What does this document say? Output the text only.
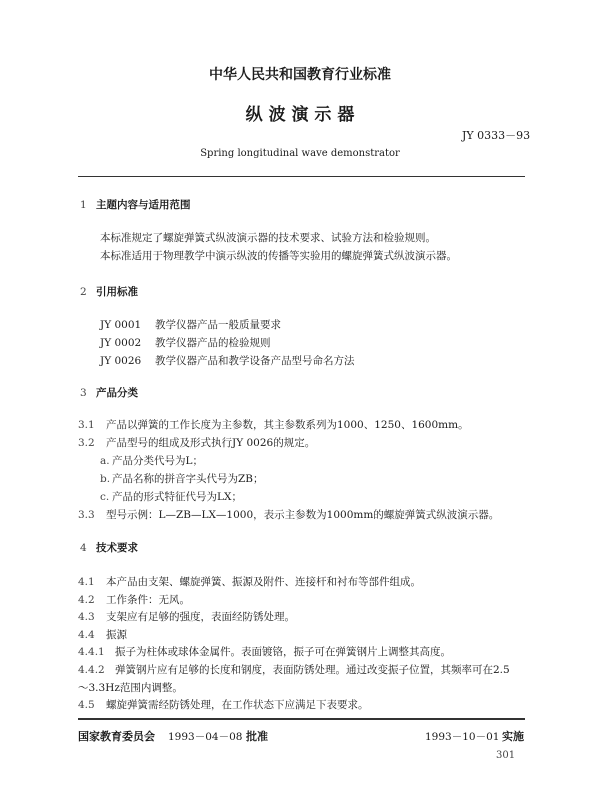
中华人民共和国教育行业标准
纵 波 演 示 器
JY 0333－93
Spring longitudinal wave demonstrator
1 主题内容与适用范围
本标准规定了螺旋弹簧式纵波演示器的技术要求、试验方法和检验规则。
本标准适用于物理教学中演示纵波的传播等实验用的螺旋弹簧式纵波演示器。
2 引用标准
JY 0001 教学仪器产品一般质量要求
JY 0002 教学仪器产品的检验规则
JY 0026 教学仪器产品和教学设备产品型号命名方法
3 产品分类
3.1 产品以弹簧的工作长度为主参数，其主参数系列为1000、1250、1600mm。
3.2 产品型号的组成及形式执行JY 0026的规定。
a. 产品分类代号为L；
b. 产品名称的拼音字头代号为ZB；
c. 产品的形式特征代号为LX；
3.3 型号示例：L—ZB—LX—1000，表示主参数为1000mm的螺旋弹簧式纵波演示器。
4 技术要求
4.1 本产品由支架、螺旋弹簧、振源及附件、连接杆和衬布等部件组成。
4.2 工作条件：无风。
4.3 支架应有足够的强度，表面经防锈处理。
4.4 振源
4.4.1 振子为柱体或球体金属件。表面镀铬，振子可在弹簧钢片上调整其高度。
4.4.2 弹簧钢片应有足够的长度和钢度，表面防锈处理。通过改变振子位置，其频率可在2.5
～3.3Hz范围内调整。
4.5 螺旋弹簧需经防锈处理，在工作状态下应满足下表要求。
国家教育委员会 1993－04－08 批准	1993－10－01 实施
301
